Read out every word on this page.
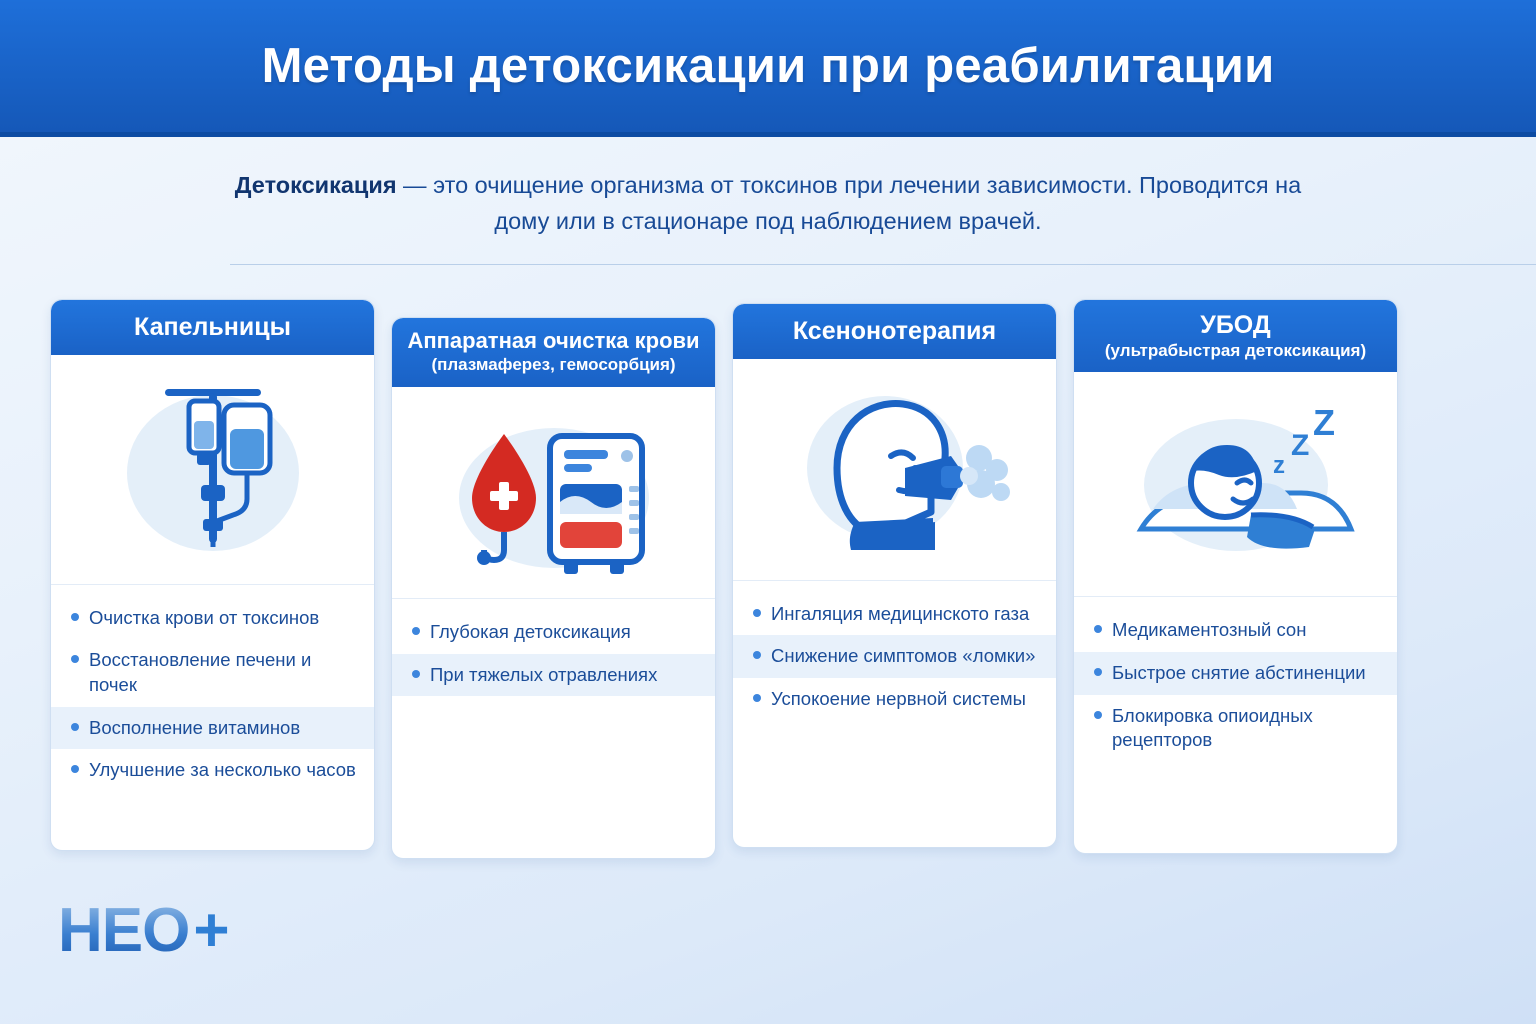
Методы детоксикации при реабилитации

Детоксикация — это очищение организма от токсинов при лечении зависимости. Проводится на дому или в стационаре под наблюдением врачей.

Капельницы
Очистка крови от токсинов
Восстановление печени и почек
Восполнение витаминов
Улучшение за несколько часов
Аппаратная очистка крови
(плазмаферез, гемосорбция)
Глубокая детоксикация
При тяжелых отравлениях
Ксенонотерапия
Ингаляция медицинското газа
Снижение симптомов «ломки»
Успокоение нервной системы
УБОД
(ультрабыстрая детоксикация)
z
Z
Z
Медикаментозный сон
Быстрое снятие абстиненции
Блокировка опиоидных рецепторов
HEO +
